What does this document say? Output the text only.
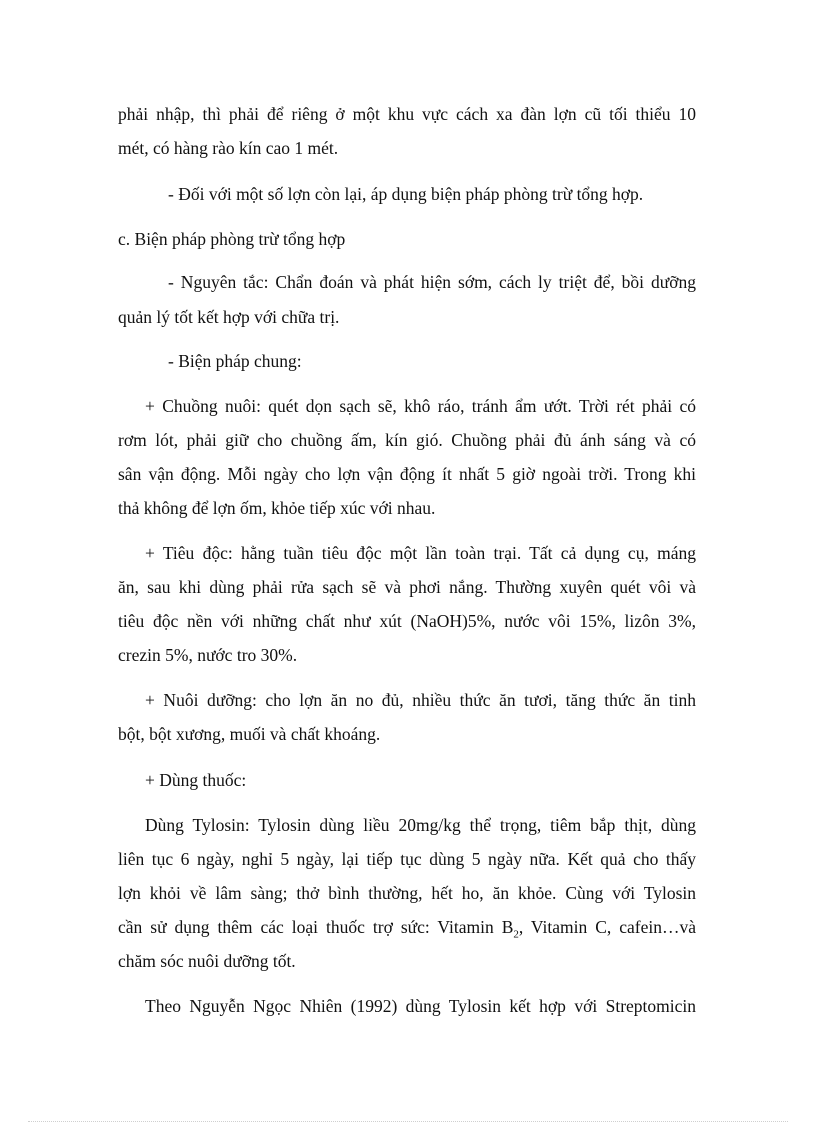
phải nhập, thì phải để riêng ở một khu vực cách xa đàn lợn cũ tối thiểu 10
mét, có hàng rào kín cao 1 mét.
- Đối với một số lợn còn lại, áp dụng biện pháp phòng trừ tổng hợp.
c. Biện pháp phòng trừ tổng hợp
- Nguyên tắc: Chẩn đoán và phát hiện sớm, cách ly triệt để, bồi dưỡng
quản lý tốt kết hợp với chữa trị.
- Biện pháp chung:
+ Chuồng nuôi: quét dọn sạch sẽ, khô ráo, tránh ẩm ướt. Trời rét phải có
rơm lót, phải giữ cho chuồng ấm, kín gió. Chuồng phải đủ ánh sáng và có
sân vận động. Mỗi ngày cho lợn vận động ít nhất 5 giờ ngoài trời. Trong khi
thả không để lợn ốm, khỏe tiếp xúc với nhau.
+ Tiêu độc: hằng tuần tiêu độc một lần toàn trại. Tất cả dụng cụ, máng
ăn, sau khi dùng phải rửa sạch sẽ và phơi nắng. Thường xuyên quét vôi và
tiêu độc nền với những chất như xút (NaOH)5%, nước vôi 15%, lizôn 3%,
crezin 5%, nước tro 30%.
+ Nuôi dưỡng: cho lợn ăn no đủ, nhiều thức ăn tươi, tăng thức ăn tinh
bột, bột xương, muối và chất khoáng.
+ Dùng thuốc:
Dùng Tylosin: Tylosin dùng liều 20mg/kg thể trọng, tiêm bắp thịt, dùng
liên tục 6 ngày, nghỉ 5 ngày, lại tiếp tục dùng 5 ngày nữa. Kết quả cho thấy
lợn khỏi về lâm sàng; thở bình thường, hết ho, ăn khỏe. Cùng với Tylosin
cần sử dụng thêm các loại thuốc trợ sức: Vitamin $B_2$, Vitamin C, cafein…và
chăm sóc nuôi dưỡng tốt.
Theo Nguyễn Ngọc Nhiên (1992) dùng Tylosin kết hợp với Streptomicin
